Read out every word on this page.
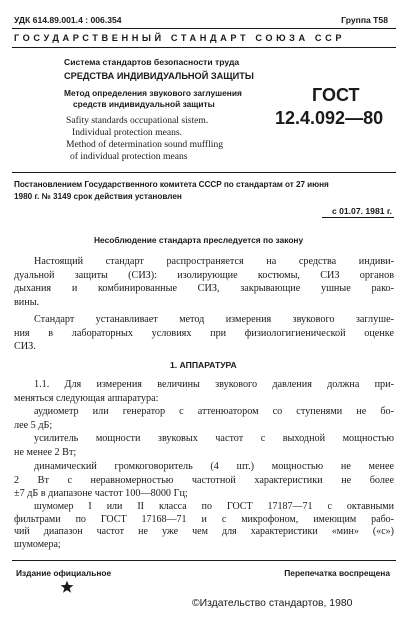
УДК 614.89.001.4 : 006.354	Группа Т58
ГОСУДАРСТВЕННЫЙ СТАНДАРТ СОЮЗА ССР
Система стандартов безопасности труда
СРЕДСТВА ИНДИВИДУАЛЬНОЙ ЗАЩИТЫ
Метод определения звукового заглушения
средств индивидуальной защиты
Safity standards occupational sistem.
Individual protection means.
Method of determination sound muffling
of individual protection means
ГОСТ
12.4.092—80
Постановлением Государственного комитета СССР по стандартам от 27 июня
1980 г. № 3149 срок действия установлен
с 01.07. 1981 г.
Несоблюдение стандарта преследуется по закону
Настоящий стандарт распространяется на средства индиви-
дуальной защиты (СИЗ): изолирующие костюмы, СИЗ органов
дыхания и комбинированные СИЗ, закрывающие ушные рако-
вины.
Стандарт устанавливает метод измерения звукового заглуше-
ния в лабораторных условиях при физиологигиенической оценке
СИЗ.
1. АППАРАТУРА
1.1. Для измерения величины звукового давления должна при-
меняться следующая аппаратура:
аудиометр или генератор с аттенюатором со ступенями не бо-
лее 5 дБ;
усилитель мощности звуковых частот с выходной мощностью
не менее 2 Вт;
динамический громкоговоритель (4 шт.) мощностью не менее
2 Вт с неравномерностью частотной характеристики не более
±7 дБ в диапазоне частот 100—8000 Гц;
шумомер I или II класса по ГОСТ 17187—71 с октавными
фильтрами по ГОСТ 17168—71 и с микрофоном, имеющим рабо-
чий диапазон частот не уже чем для характеристики «мин» («с»)
шумомера;
Издание официальное	Перепечатка воспрещена
©Издательство стандартов, 1980
